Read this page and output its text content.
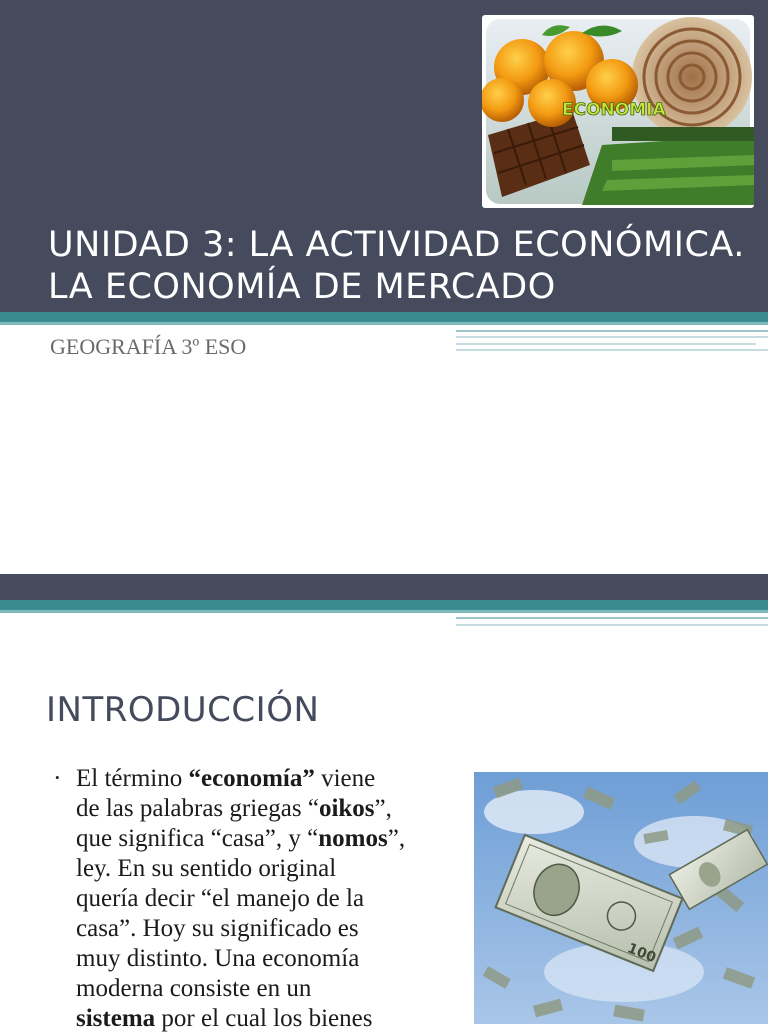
ECONOMIA
UNIDAD 3: LA ACTIVIDAD ECONÓMICA.
LA ECONOMÍA DE MERCADO

GEOGRAFÍA 3º ESO

INTRODUCCIÓN
• El término “economía” viene
de las palabras griegas “oikos”,
que significa “casa”, y “nomos”,
ley. En su sentido original
quería decir “el manejo de la
casa”. Hoy su significado es
muy distinto. Una economía
moderna consiste en un
sistema por el cual los bienes
100
